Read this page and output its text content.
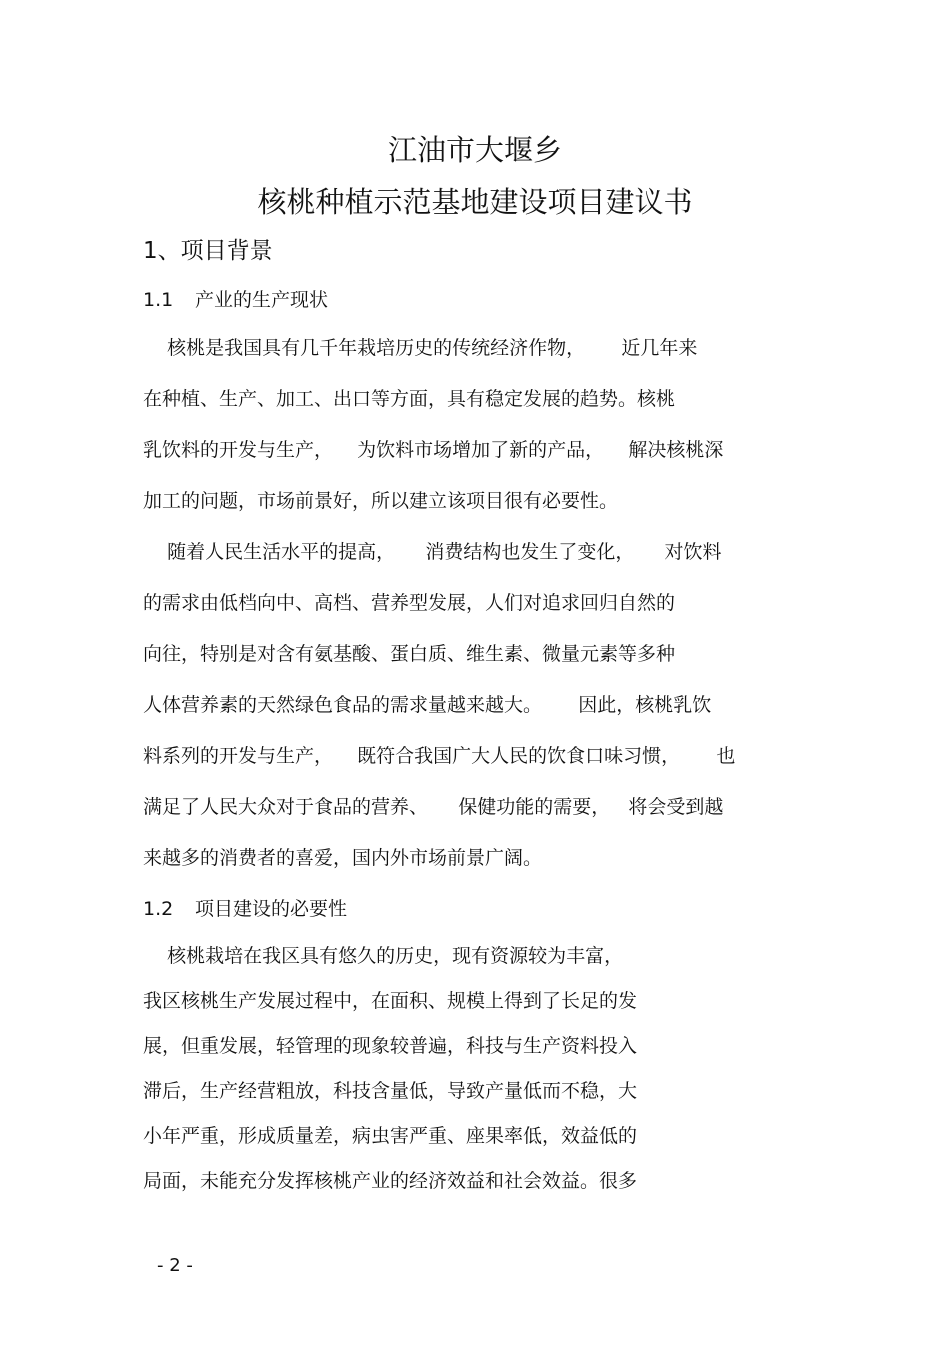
江油市大堰乡
核桃种植示范基地建设项目建议书
1、项目背景
1.1 产业的生产现状
核桃是我国具有几千年栽培历史的传统经济作物，      近几年来
在种植、生产、加工、出口等方面，具有稳定发展的趋势。核桃
乳饮料的开发与生产，    为饮料市场增加了新的产品，    解决核桃深
加工的问题，市场前景好，所以建立该项目很有必要性。
随着人民生活水平的提高，     消费结构也发生了变化，     对饮料
的需求由低档向中、高档、营养型发展，人们对追求回归自然的
向往，特别是对含有氨基酸、蛋白质、维生素、微量元素等多种
人体营养素的天然绿色食品的需求量越来越大。      因此，核桃乳饮
料系列的开发与生产，    既符合我国广大人民的饮食口味习惯，      也
满足了人民大众对于食品的营养、     保健功能的需要，   将会受到越
来越多的消费者的喜爱，国内外市场前景广阔。
1.2 项目建设的必要性
核桃栽培在我区具有悠久的历史，现有资源较为丰富，
我区核桃生产发展过程中，在面积、规模上得到了长足的发
展，但重发展，轻管理的现象较普遍，科技与生产资料投入
滞后，生产经营粗放，科技含量低，导致产量低而不稳，大
小年严重，形成质量差，病虫害严重、座果率低，效益低的
局面，未能充分发挥核桃产业的经济效益和社会效益。很多
- 2 -
